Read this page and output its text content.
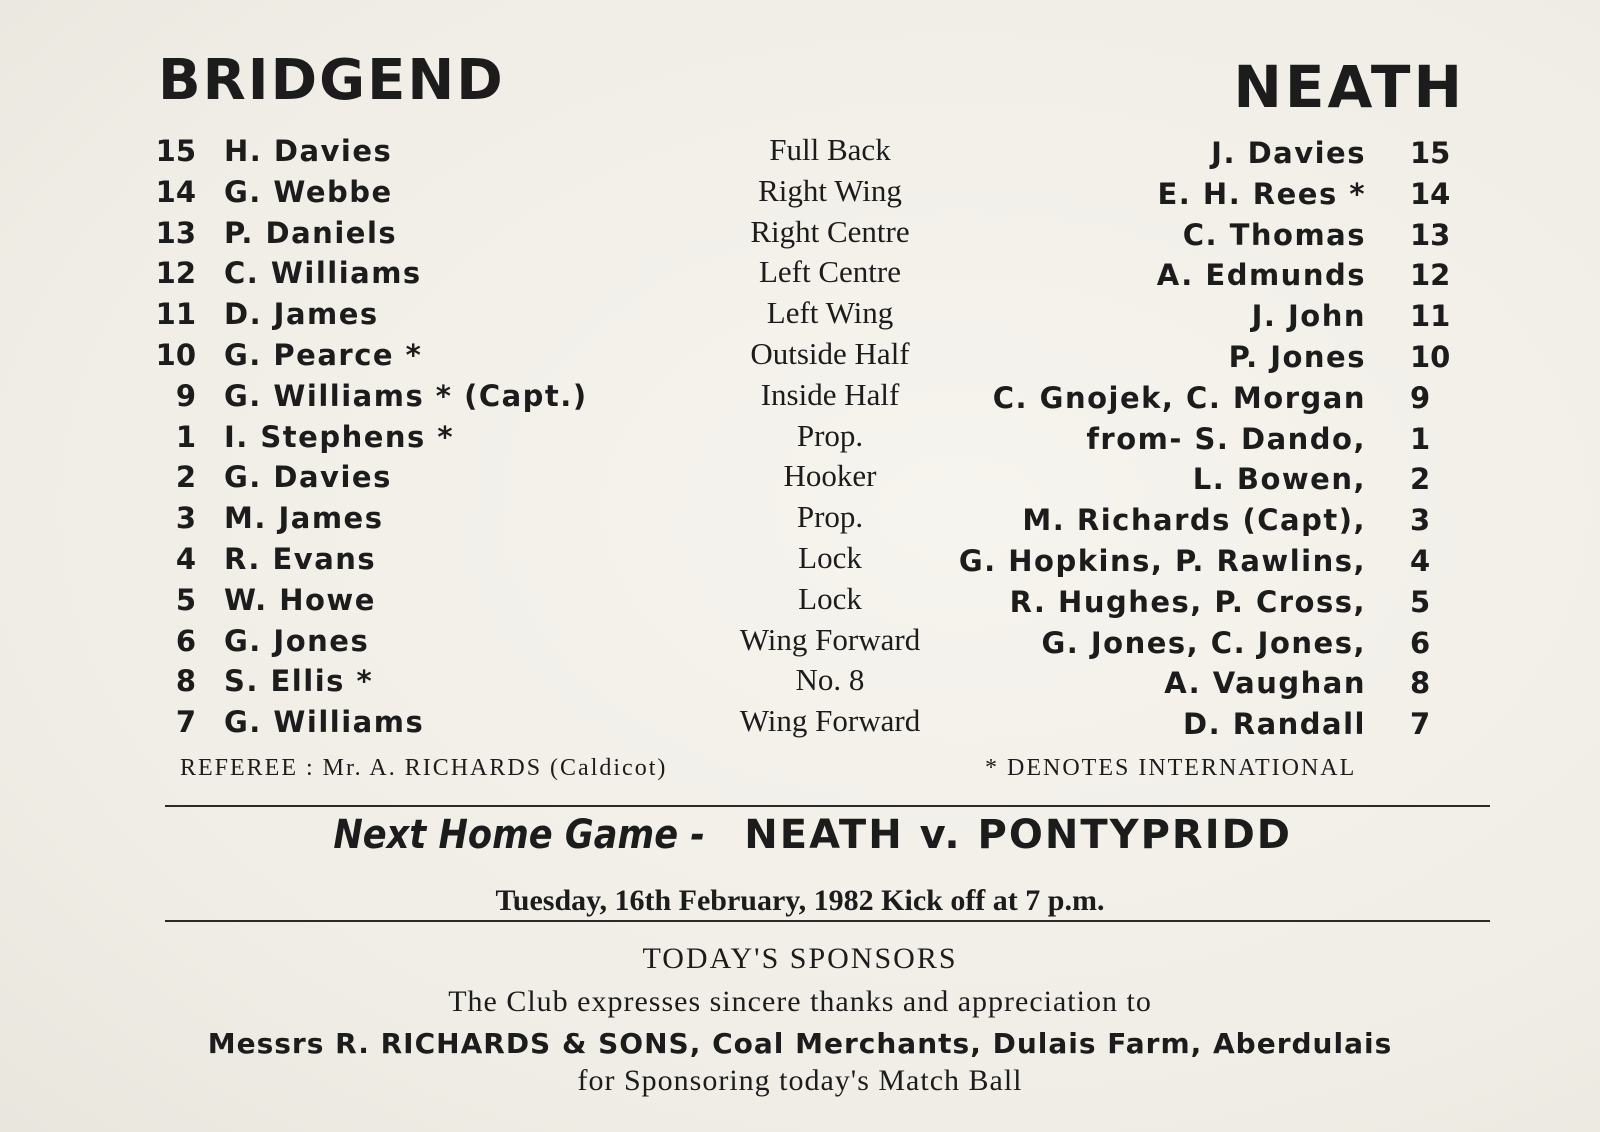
BRIDGEND	NEATH
15 H. Davies	Full Back	J. Davies 15
14 G. Webbe	Right Wing	E. H. Rees * 14
13 P. Daniels	Right Centre	C. Thomas 13
12 C. Williams	Left Centre	A. Edmunds 12
11 D. James	Left Wing	J. John 11
10 G. Pearce *	Outside Half	P. Jones 10
9 G. Williams * (Capt.)	Inside Half	C. Gnojek, C. Morgan 9
1 I. Stephens *	Prop.	from- S. Dando, 1
2 G. Davies	Hooker	L. Bowen, 2
3 M. James	Prop.	M. Richards (Capt), 3
4 R. Evans	Lock	G. Hopkins, P. Rawlins, 4
5 W. Howe	Lock	R. Hughes, P. Cross, 5
6 G. Jones	Wing Forward	G. Jones, C. Jones, 6
8 S. Ellis *	No. 8	A. Vaughan 8
7 G. Williams	Wing Forward	D. Randall 7
REFEREE : Mr. A. RICHARDS (Caldicot)	* DENOTES INTERNATIONAL
Next Home Game - NEATH v. PONTYPRIDD
Tuesday, 16th February, 1982 Kick off at 7 p.m.
TODAY'S SPONSORS
The Club expresses sincere thanks and appreciation to
Messrs R. RICHARDS & SONS, Coal Merchants, Dulais Farm, Aberdulais
for Sponsoring today's Match Ball
